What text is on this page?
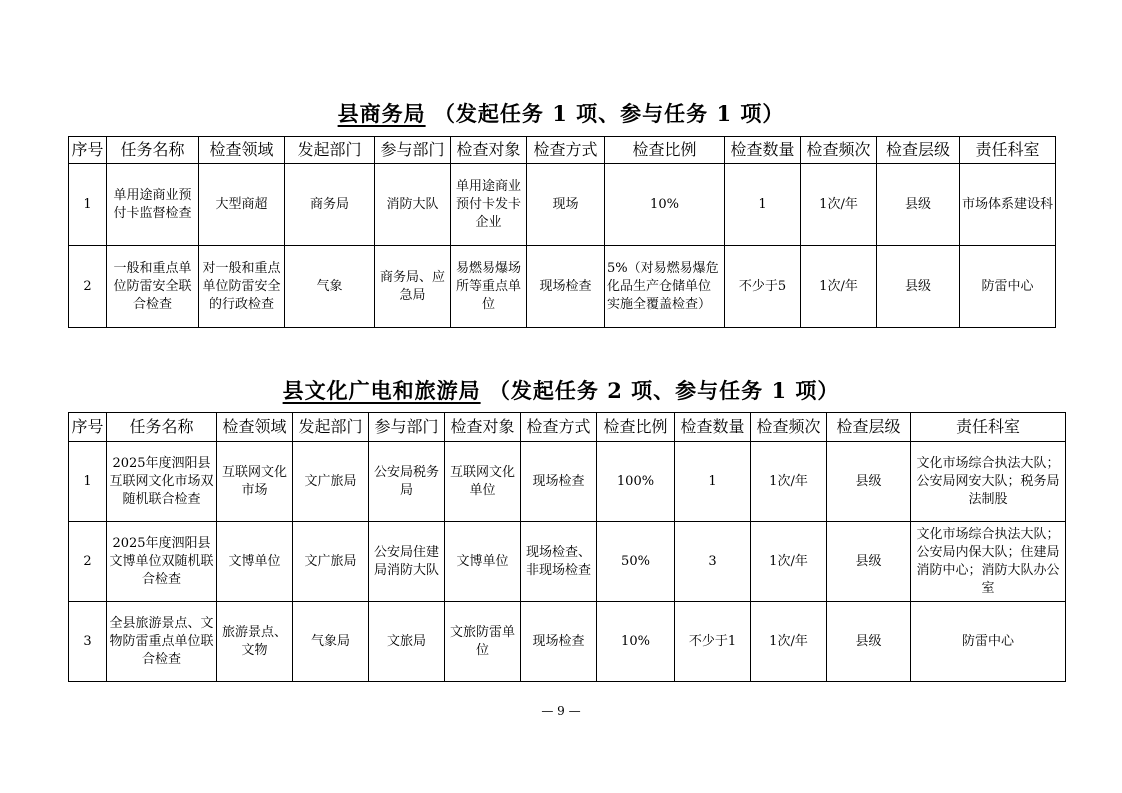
县商务局 （发起任务 1 项、参与任务 1 项）
序号	任务名称	检查领域	发起部门	参与部门	检查对象	检查方式	检查比例	检查数量	检查频次	检查层级	责任科室
1	单用途商业预付卡监督检查	大型商超	商务局	消防大队	单用途商业预付卡发卡企业	现场	10%	1	1次/年	县级	市场体系建设科
2	一般和重点单位防雷安全联合检查	对一般和重点单位防雷安全的行政检查	气象	商务局、应急局	易燃易爆场所等重点单位	现场检查	5%（对易燃易爆危化品生产仓储单位实施全覆盖检查）	不少于5	1次/年	县级	防雷中心
县文化广电和旅游局 （发起任务 2 项、参与任务 1 项）
序号	任务名称	检查领域	发起部门	参与部门	检查对象	检查方式	检查比例	检查数量	检查频次	检查层级	责任科室
1	2025年度泗阳县互联网文化市场双随机联合检查	互联网文化市场	文广旅局	公安局税务局	互联网文化单位	现场检查	100%	1	1次/年	县级	文化市场综合执法大队；公安局网安大队；税务局法制股
2	2025年度泗阳县文博单位双随机联合检查	文博单位	文广旅局	公安局住建局消防大队	文博单位	现场检查、非现场检查	50%	3	1次/年	县级	文化市场综合执法大队；公安局内保大队；住建局消防中心；消防大队办公室
3	全县旅游景点、文物防雷重点单位联合检查	旅游景点、文物	气象局	文旅局	文旅防雷单位	现场检查	10%	不少于1	1次/年	县级	防雷中心
— 9 —
